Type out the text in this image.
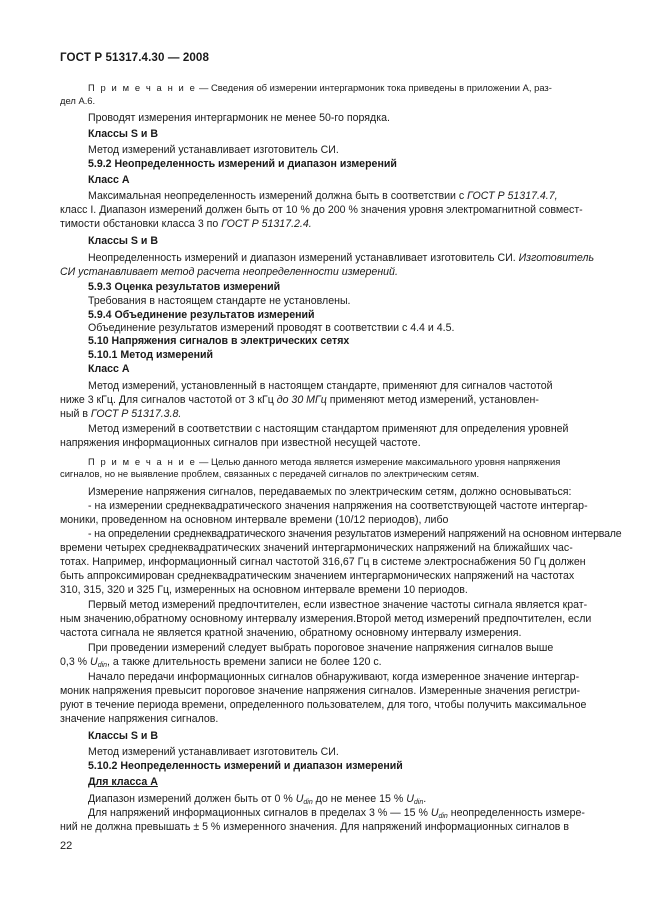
ГОСТ Р 51317.4.30 — 2008
П р и м е ч а н и е — Сведения об измерении интергармоник тока приведены в приложении А, раз-
дел А.6.
Проводят измерения интергармоник не менее 50-го порядка.
Классы S и В
Метод измерений устанавливает изготовитель СИ.
5.9.2 Неопределенность измерений и диапазон измерений
Класс А
Максимальная неопределенность измерений должна быть в соответствии с ГОСТ Р 51317.4.7,
класс I. Диапазон измерений должен быть от 10 % до 200 % значения уровня электромагнитной совмест-
тимости обстановки класса 3 по ГОСТ Р 51317.2.4.
Классы S и В
Неопределенность измерений и диапазон измерений устанавливает изготовитель СИ. Изготовитель
СИ устанавливает метод расчета неопределенности измерений.
5.9.3 Оценка результатов измерений
Требования в настоящем стандарте не установлены.
5.9.4 Объединение результатов измерений
Объединение результатов измерений проводят в соответствии с 4.4 и 4.5.
5.10 Напряжения сигналов в электрических сетях
5.10.1 Метод измерений
Класс А
Метод измерений, установленный в настоящем стандарте, применяют для сигналов частотой
ниже 3 кГц. Для сигналов частотой от 3 кГц до 30 МГц применяют метод измерений, установлен-
ный в ГОСТ Р 51317.3.8.
Метод измерений в соответствии с настоящим стандартом применяют для определения уровней
напряжения информационных сигналов при известной несущей частоте.
П р и м е ч а н и е — Целью данного метода является измерение максимального уровня напряжения
сигналов, но не выявление проблем, связанных с передачей сигналов по электрическим сетям.
Измерение напряжения сигналов, передаваемых по электрическим сетям, должно основываться:
- на измерении среднеквадратического значения напряжения на соответствующей частоте интергар-
моники, проведенном на основном интервале времени (10/12 периодов), либо
- на определении среднеквадратического значения результатов измерений напряжений на основном интервале
времени четырех среднеквадратических значений интергармонических напряжений на ближайших час-
тотах. Например, информационный сигнал частотой 316,67 Гц в системе электроснабжения 50 Гц должен
быть аппроксимирован среднеквадратическим значением интергармонических напряжений на частотах
310, 315, 320 и 325 Гц, измеренных на основном интервале времени 10 периодов.
Первый метод измерений предпочтителен, если известное значение частоты сигнала является крат-
ным значению,обратному основному интервалу измерения.Второй метод измерений предпочтителен, если
частота сигнала не является кратной значению, обратному основному интервалу измерения.
При проведении измерений следует выбрать пороговое значение напряжения сигналов выше
0,3 % $U_{din}$, а также длительность времени записи не более 120 с.
Начало передачи информационных сигналов обнаруживают, когда измеренное значение интергар-
моник напряжения превысит пороговое значение напряжения сигналов. Измеренные значения регистри-
руют в течение периода времени, определенного пользователем, для того, чтобы получить максимальное
значение напряжения сигналов.
Классы S и В
Метод измерений устанавливает изготовитель СИ.
5.10.2 Неопределенность измерений и диапазон измерений
Для класса А
Диапазон измерений должен быть от 0 % $U_{din}$ до не менее 15 % $U_{din}$.
Для напряжений информационных сигналов в пределах 3 % — 15 % $U_{din}$ неопределенность измере-
ний не должна превышать ± 5 % измеренного значения. Для напряжений информационных сигналов в
22
